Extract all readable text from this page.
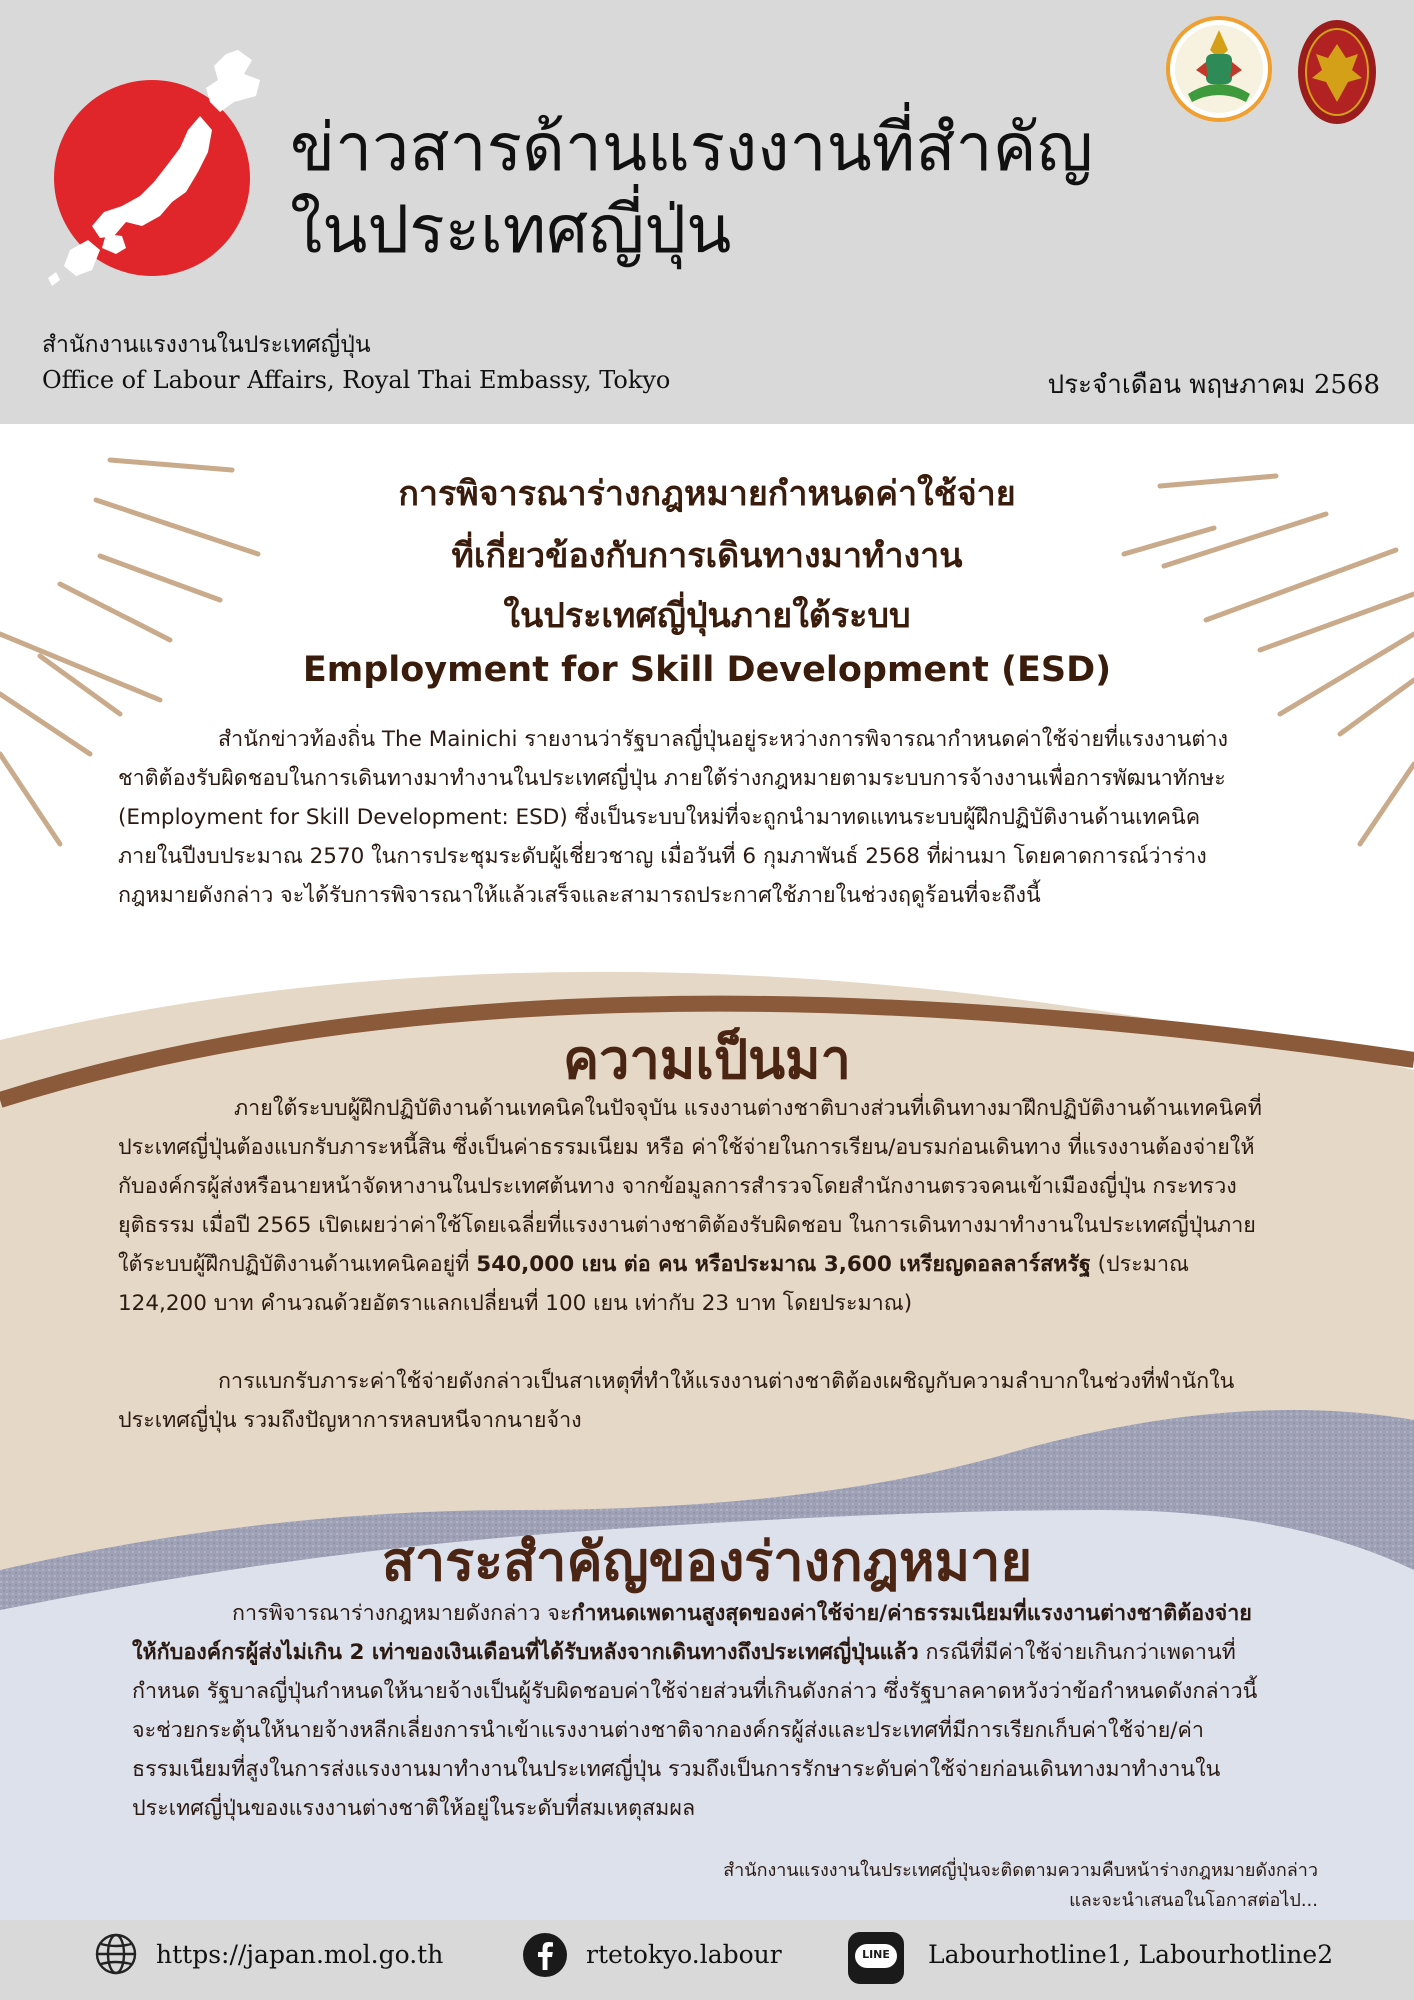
ข่าวสารด้านแรงงานที่สำคัญ
ในประเทศญี่ปุ่น
สำนักงานแรงงานในประเทศญี่ปุ่น
Office of Labour Affairs, Royal Thai Embassy, Tokyo	ประจำเดือน พฤษภาคม 2568
การพิจารณาร่างกฎหมายกำหนดค่าใช้จ่าย
ที่เกี่ยวข้องกับการเดินทางมาทำงาน
ในประเทศญี่ปุ่นภายใต้ระบบ
Employment for Skill Development (ESD)
สำนักข่าวท้องถิ่น The Mainichi รายงานว่ารัฐบาลญี่ปุ่นอยู่ระหว่างการพิจารณากำหนดค่าใช้จ่ายที่แรงงานต่างชาติต้องรับผิดชอบในการเดินทางมาทำงานในประเทศญี่ปุ่น ภายใต้ร่างกฎหมายตามระบบการจ้างงานเพื่อการพัฒนาทักษะ (Employment for Skill Development: ESD) ซึ่งเป็นระบบใหม่ที่จะถูกนำมาทดแทนระบบผู้ฝึกปฏิบัติงานด้านเทคนิค ภายในปีงบประมาณ 2570 ในการประชุมระดับผู้เชี่ยวชาญ เมื่อวันที่ 6 กุมภาพันธ์ 2568 ที่ผ่านมา โดยคาดการณ์ว่าร่างกฎหมายดังกล่าว จะได้รับการพิจารณาให้แล้วเสร็จและสามารถประกาศใช้ภายในช่วงฤดูร้อนที่จะถึงนี้
ความเป็นมา
ภายใต้ระบบผู้ฝึกปฏิบัติงานด้านเทคนิคในปัจจุบัน แรงงานต่างชาติบางส่วนที่เดินทางมาฝึกปฏิบัติงานด้านเทคนิคที่ประเทศญี่ปุ่นต้องแบกรับภาระหนี้สิน ซึ่งเป็นค่าธรรมเนียม หรือ ค่าใช้จ่ายในการเรียน/อบรมก่อนเดินทาง ที่แรงงานต้องจ่ายให้กับองค์กรผู้ส่งหรือนายหน้าจัดหางานในประเทศต้นทาง จากข้อมูลการสำรวจโดยสำนักงานตรวจคนเข้าเมืองญี่ปุ่น กระทรวงยุติธรรม เมื่อปี 2565 เปิดเผยว่าค่าใช้โดยเฉลี่ยที่แรงงานต่างชาติต้องรับผิดชอบ ในการเดินทางมาทำงานในประเทศญี่ปุ่นภายใต้ระบบผู้ฝึกปฏิบัติงานด้านเทคนิคอยู่ที่ 540,000 เยน ต่อ คน หรือประมาณ 3,600 เหรียญดอลลาร์สหรัฐ (ประมาณ 124,200 บาท คำนวณด้วยอัตราแลกเปลี่ยนที่ 100 เยน เท่ากับ 23 บาท โดยประมาณ)
การแบกรับภาระค่าใช้จ่ายดังกล่าวเป็นสาเหตุที่ทำให้แรงงานต่างชาติต้องเผชิญกับความลำบากในช่วงที่พำนักในประเทศญี่ปุ่น รวมถึงปัญหาการหลบหนีจากนายจ้าง
สาระสำคัญของร่างกฎหมาย
การพิจารณาร่างกฎหมายดังกล่าว จะกำหนดเพดานสูงสุดของค่าใช้จ่าย/ค่าธรรมเนียมที่แรงงานต่างชาติต้องจ่ายให้กับองค์กรผู้ส่งไม่เกิน 2 เท่าของเงินเดือนที่ได้รับหลังจากเดินทางถึงประเทศญี่ปุ่นแล้ว กรณีที่มีค่าใช้จ่ายเกินกว่าเพดานที่กำหนด รัฐบาลญี่ปุ่นกำหนดให้นายจ้างเป็นผู้รับผิดชอบค่าใช้จ่ายส่วนที่เกินดังกล่าว ซึ่งรัฐบาลคาดหวังว่าข้อกำหนดดังกล่าวนี้จะช่วยกระตุ้นให้นายจ้างหลีกเลี่ยงการนำเข้าแรงงานต่างชาติจากองค์กรผู้ส่งและประเทศที่มีการเรียกเก็บค่าใช้จ่าย/ค่าธรรมเนียมที่สูงในการส่งแรงงานมาทำงานในประเทศญี่ปุ่น รวมถึงเป็นการรักษาระดับค่าใช้จ่ายก่อนเดินทางมาทำงานในประเทศญี่ปุ่นของแรงงานต่างชาติให้อยู่ในระดับที่สมเหตุสมผล
สำนักงานแรงงานในประเทศญี่ปุ่นจะติดตามความคืบหน้าร่างกฎหมายดังกล่าว
และจะนำเสนอในโอกาสต่อไป...
https://japan.mol.go.th	rtetokyo.labour	LINE Labourhotline1, Labourhotline2
